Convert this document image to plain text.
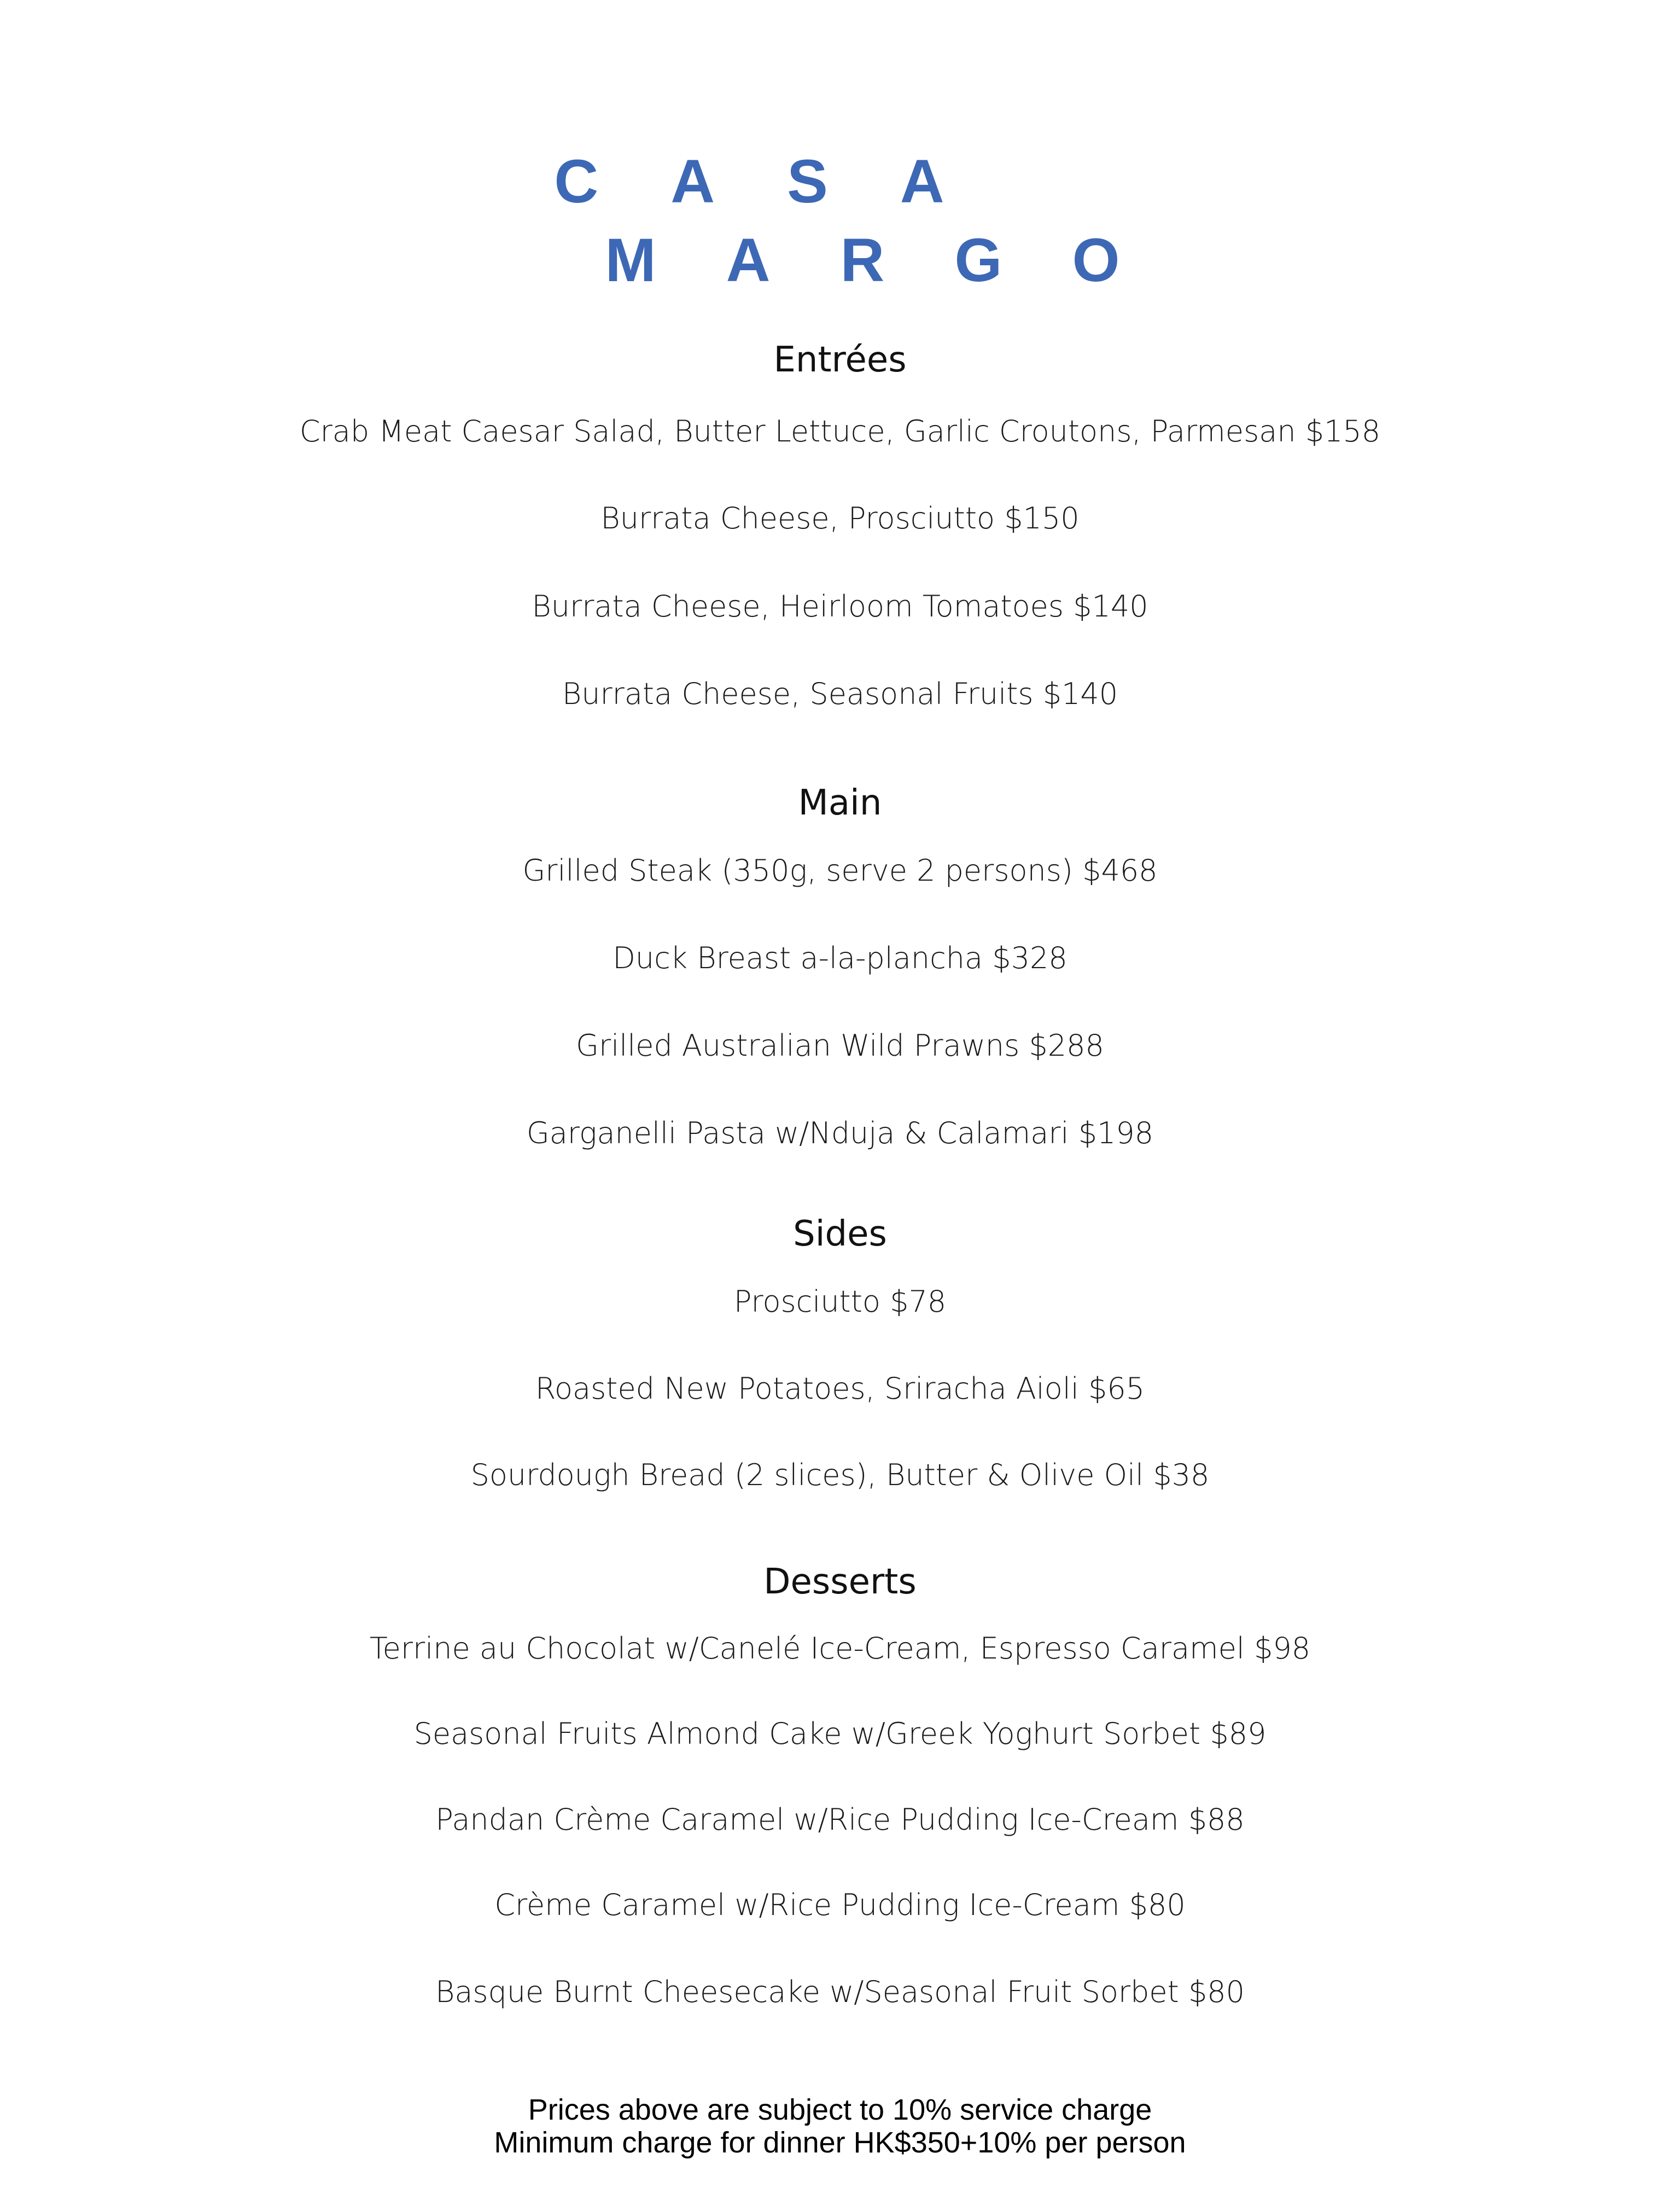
CASA
MARGO
Entrées
Crab Meat Caesar Salad, Butter Lettuce, Garlic Croutons, Parmesan $158
Burrata Cheese, Prosciutto $150
Burrata Cheese, Heirloom Tomatoes $140
Burrata Cheese, Seasonal Fruits $140
Main
Grilled Steak (350g, serve 2 persons) $468
Duck Breast a-la-plancha $328
Grilled Australian Wild Prawns $288
Garganelli Pasta w/Nduja & Calamari $198
Sides
Prosciutto $78
Roasted New Potatoes, Sriracha Aioli $65
Sourdough Bread (2 slices), Butter & Olive Oil $38
Desserts
Terrine au Chocolat w/Canelé Ice-Cream, Espresso Caramel $98
Seasonal Fruits Almond Cake w/Greek Yoghurt Sorbet $89
Pandan Crème Caramel w/Rice Pudding Ice-Cream $88
Crème Caramel w/Rice Pudding Ice-Cream $80
Basque Burnt Cheesecake w/Seasonal Fruit Sorbet $80
Prices above are subject to 10% service charge
Minimum charge for dinner HK$350+10% per person
